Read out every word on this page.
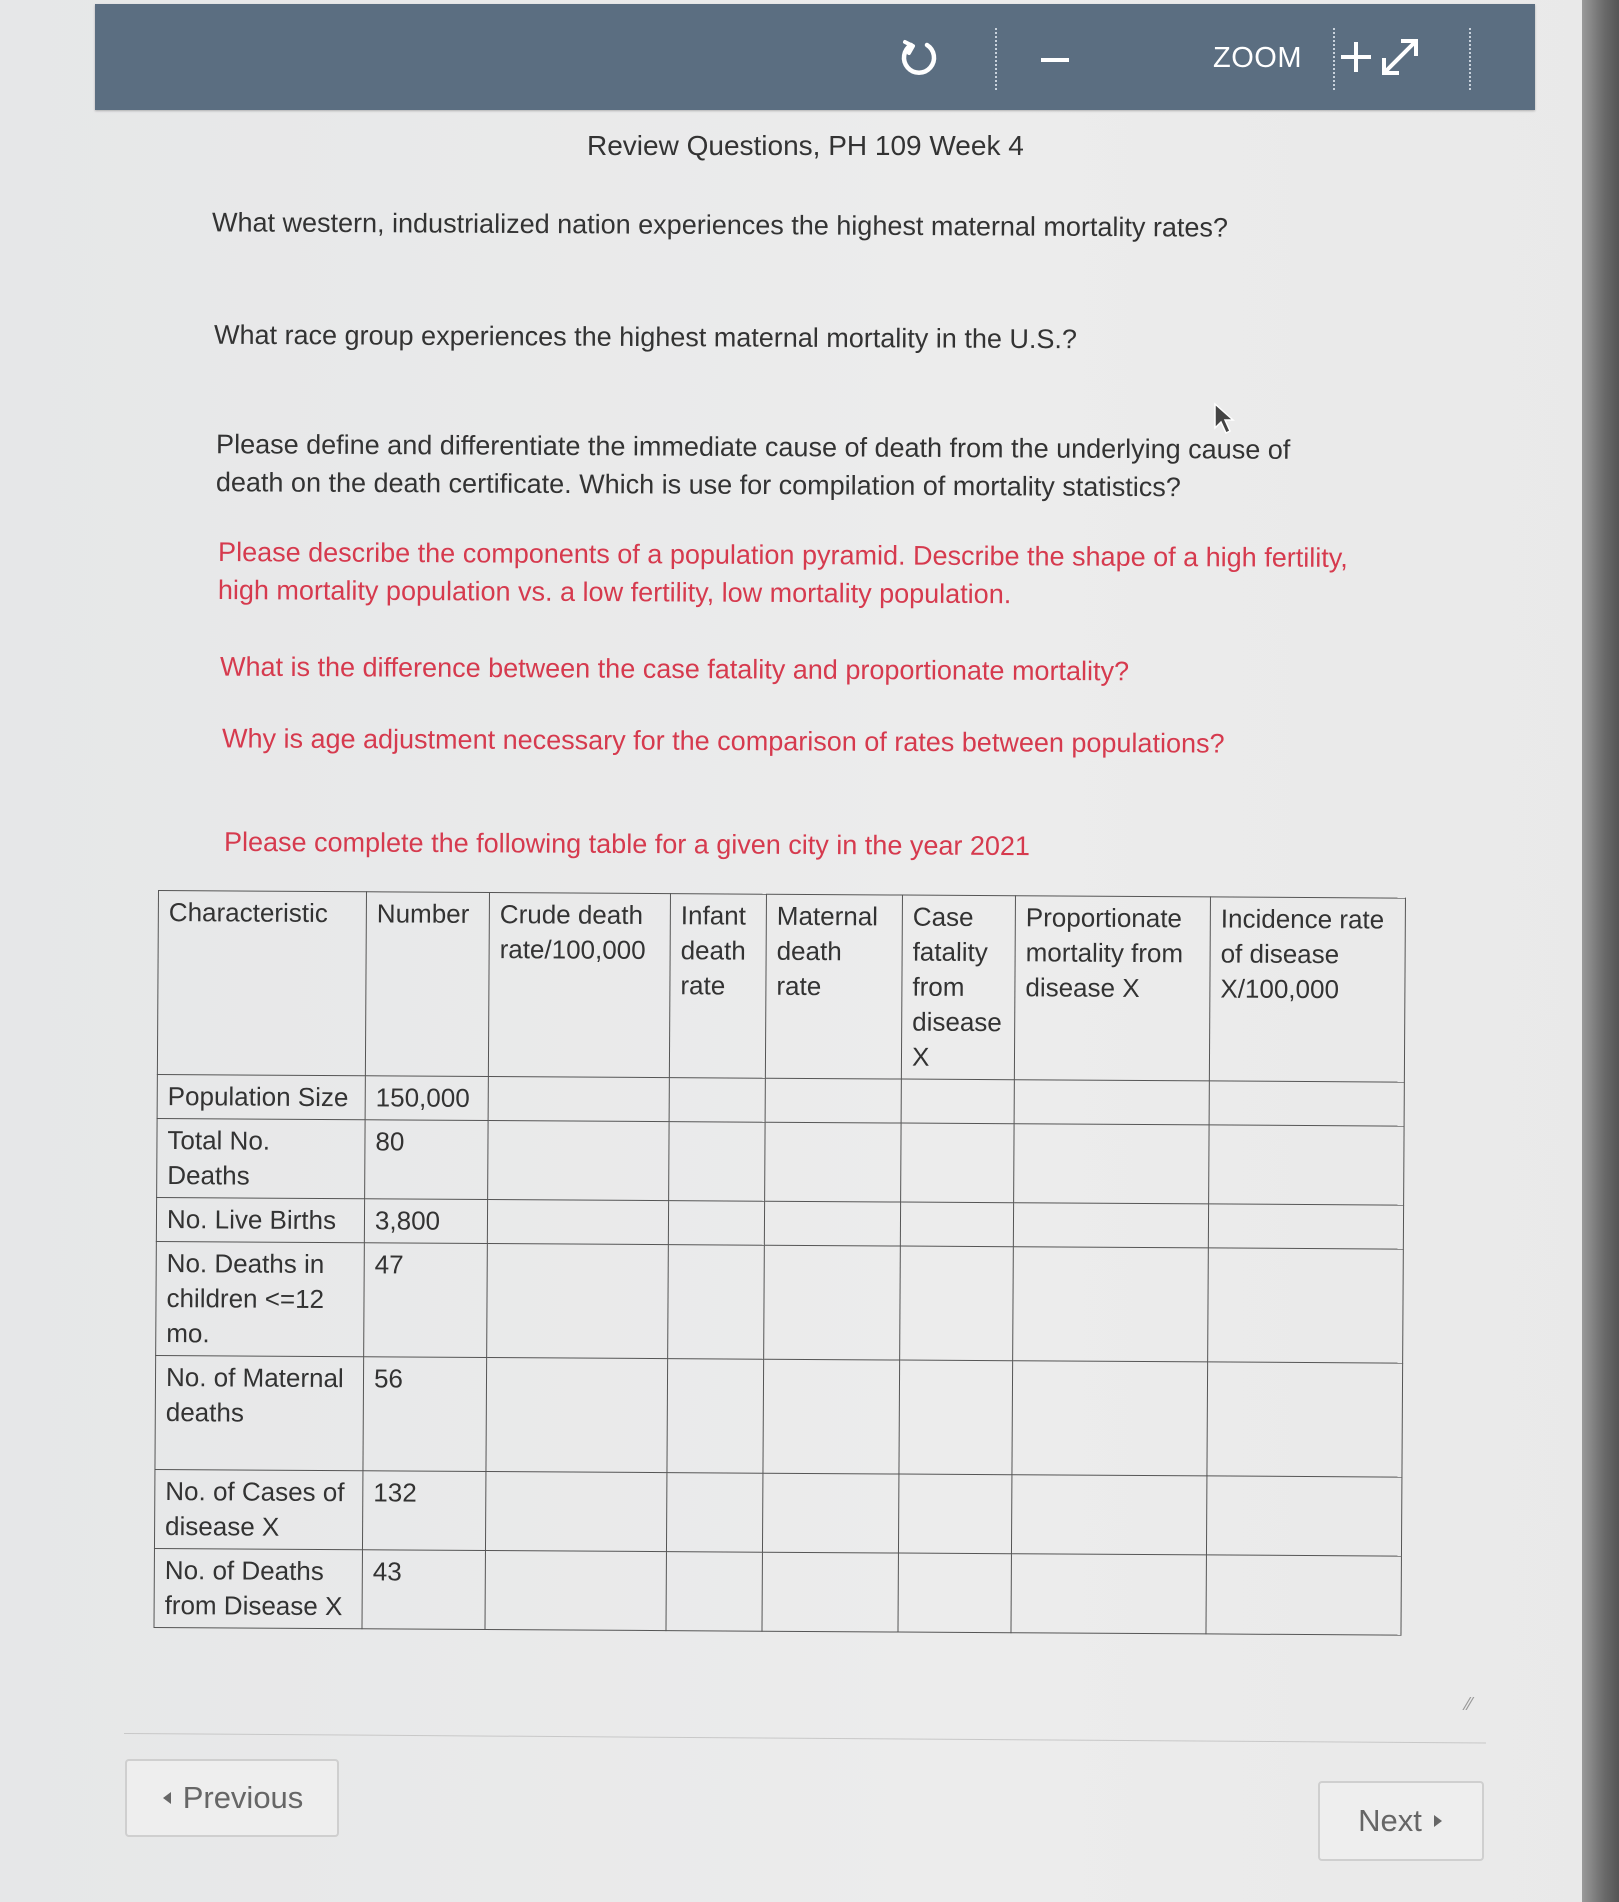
ZOOM
Review Questions, PH 109 Week 4
What western, industrialized nation experiences the highest maternal mortality rates?
What race group experiences the highest maternal mortality in the U.S.?
Please define and differentiate the immediate cause of death from the underlying cause of
death on the death certificate. Which is use for compilation of mortality statistics?
Please describe the components of a population pyramid. Describe the shape of a high fertility,
high mortality population vs. a low fertility, low mortality population.
What is the difference between the case fatality and proportionate mortality?
Why is age adjustment necessary for the comparison of rates between populations?
Please complete the following table for a given city in the year 2021
Characteristic	Number	Crude death rate/100,000	Infant death rate	Maternal death rate	Case fatality from disease X	Proportionate mortality from disease X	Incidence rate of disease X/100,000
Population Size	150,000						
Total No. Deaths	80						
No. Live Births	3,800						
No. Deaths in children <=12 mo.	47						
No. of Maternal deaths	56						
No. of Cases of disease X	132						
No. of Deaths from Disease X	43						
⁄⁄
Previous
Next
